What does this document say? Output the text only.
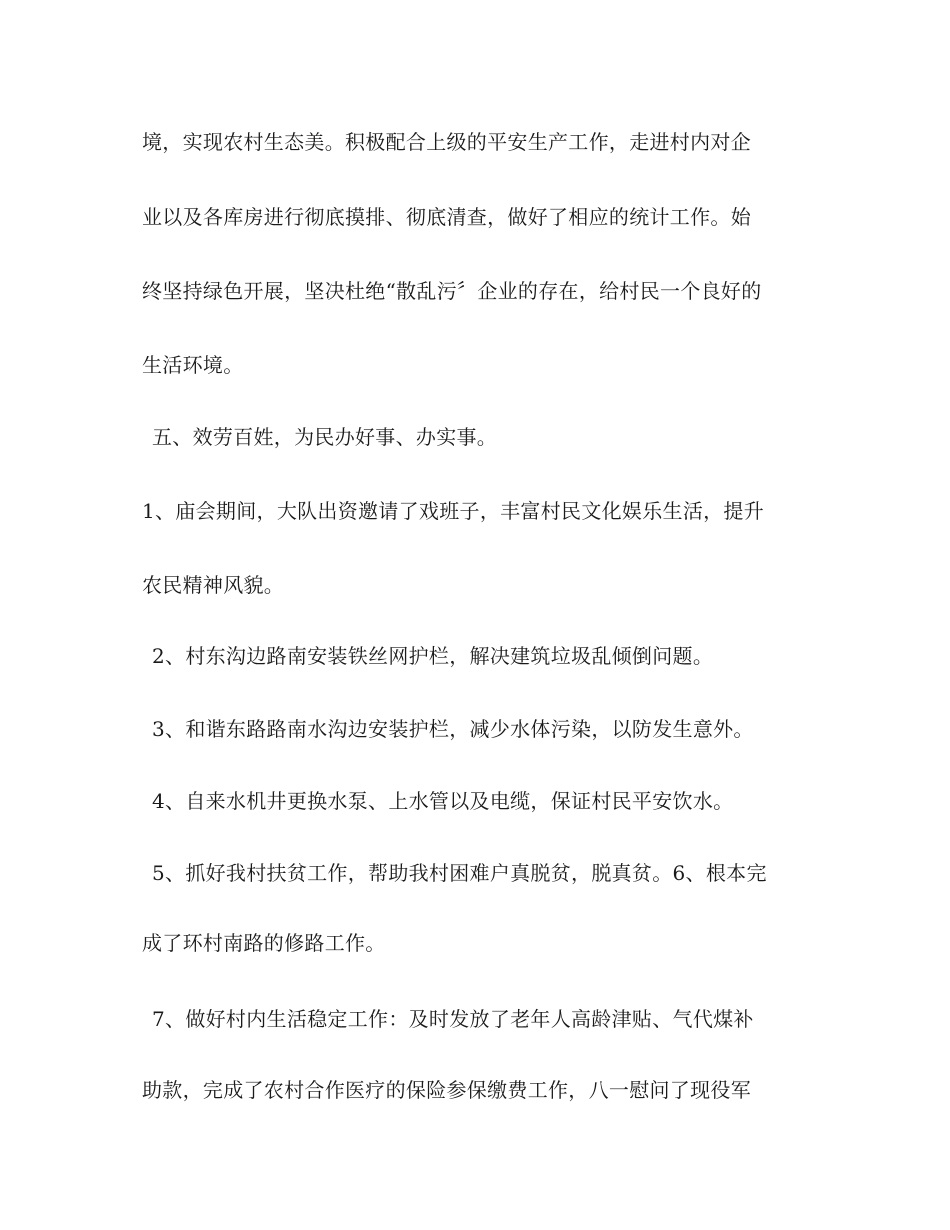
境，实现农村生态美。积极配合上级的平安生产工作，走进村内对企
业以及各库房进行彻底摸排、彻底清查，做好了相应的统计工作。始
终坚持绿色开展，坚决杜绝“散乱污〞企业的存在，给村民一个良好的
生活环境。
五、效劳百姓，为民办好事、办实事。
1、庙会期间，大队出资邀请了戏班子，丰富村民文化娱乐生活，提升
农民精神风貌。
2、村东沟边路南安装铁丝网护栏，解决建筑垃圾乱倾倒问题。
3、和谐东路路南水沟边安装护栏，减少水体污染，以防发生意外。
4、自来水机井更换水泵、上水管以及电缆，保证村民平安饮水。
5、抓好我村扶贫工作，帮助我村困难户真脱贫，脱真贫。6、根本完
成了环村南路的修路工作。
7、做好村内生活稳定工作：及时发放了老年人高龄津贴、气代煤补
助款，完成了农村合作医疗的保险参保缴费工作，八一慰问了现役军
